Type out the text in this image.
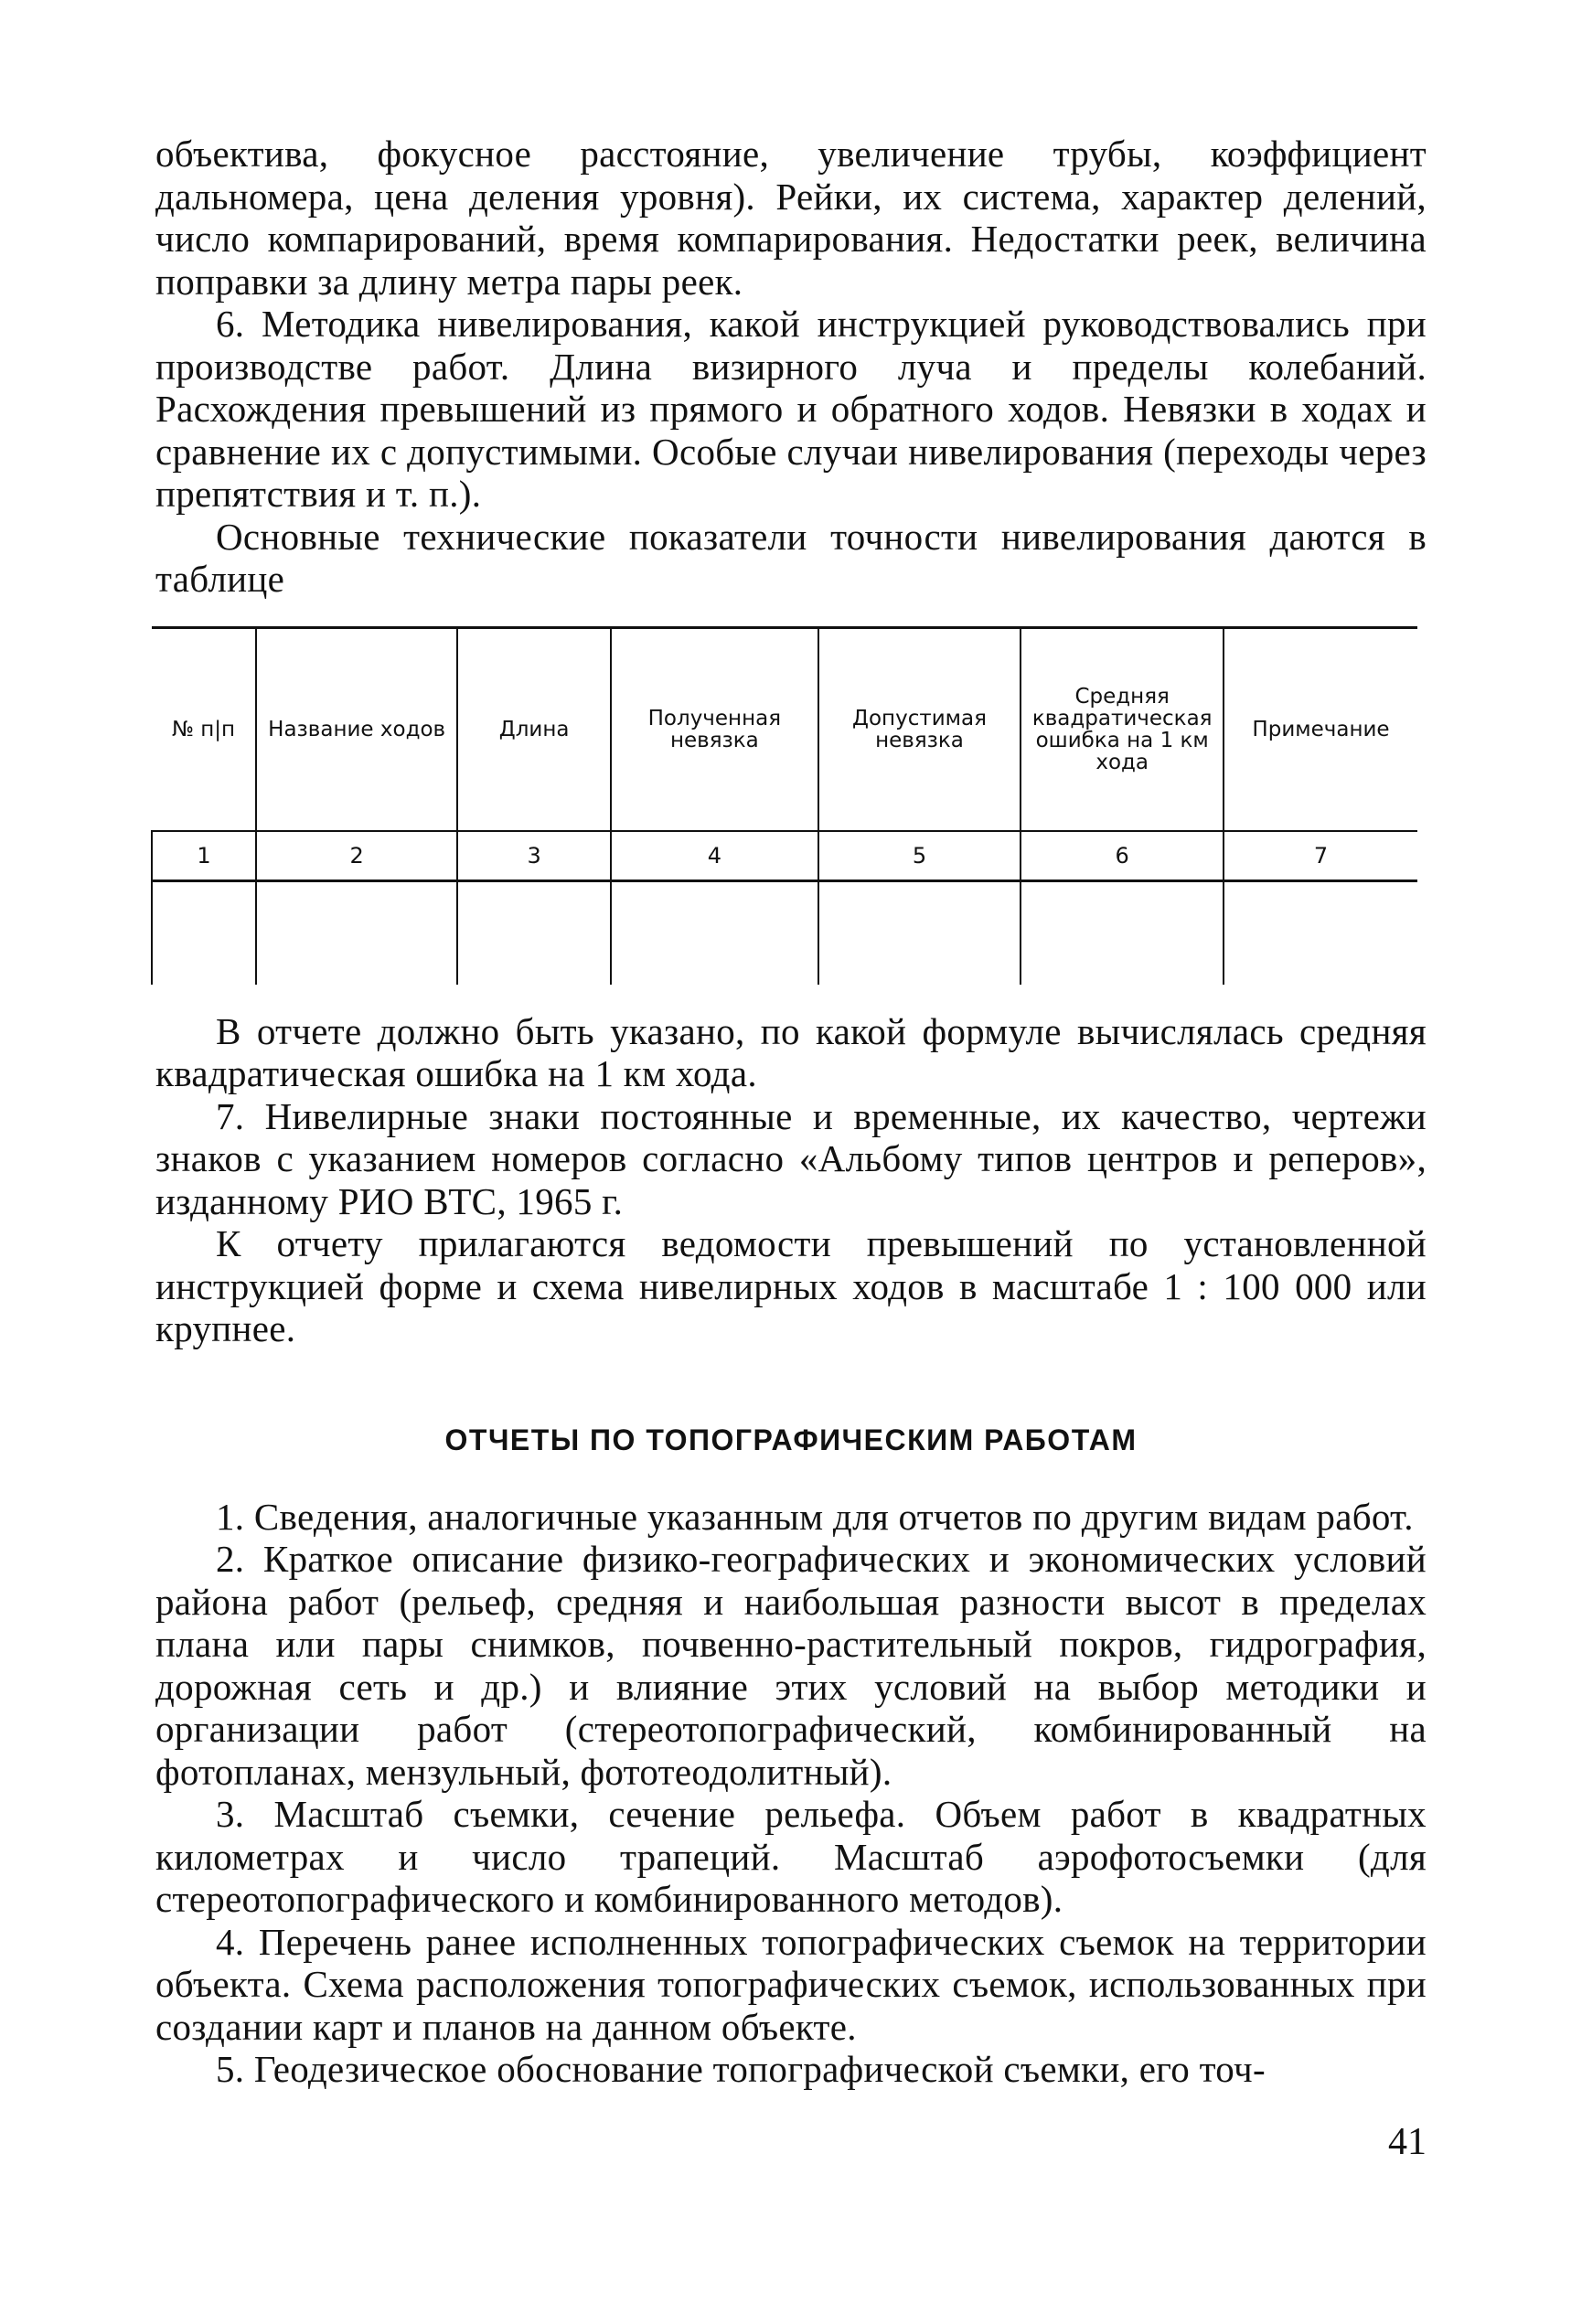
объектива, фокусное расстояние, увеличение трубы, коэффициент дальномера, цена деления уровня). Рейки, их система, характер делений, число компарирований, время компарирования. Недостатки реек, величина поправки за длину метра пары реек.

6. Методика нивелирования, какой инструкцией руководствовались при производстве работ. Длина визирного луча и пределы колебаний. Расхождения превышений из прямого и обратного ходов. Невязки в ходах и сравнение их с допустимыми. Особые случаи нивелирования (переходы через препятствия и т. п.).

Основные технические показатели точности нивелирования даются в таблице

№ п|п	Название ходов	Длина	Полученная невязка	Допустимая невязка	Средняя квадратическая ошибка на 1 км хода	Примечание
1	2	3	4	5	6	7

В отчете должно быть указано, по какой формуле вычислялась средняя квадратическая ошибка на 1 км хода.

7. Нивелирные знаки постоянные и временные, их качество, чертежи знаков с указанием номеров согласно «Альбому типов центров и реперов», изданному РИО ВТС, 1965 г.

К отчету прилагаются ведомости превышений по установленной инструкцией форме и схема нивелирных ходов в масштабе 1 : 100 000 или крупнее.

ОТЧЕТЫ ПО ТОПОГРАФИЧЕСКИМ РАБОТАМ

1. Сведения, аналогичные указанным для отчетов по другим видам работ.

2. Краткое описание физико-географических и экономических условий района работ (рельеф, средняя и наибольшая разности высот в пределах плана или пары снимков, почвенно-растительный покров, гидрография, дорожная сеть и др.) и влияние этих условий на выбор методики и организации работ (стереотопографический, комбинированный на фотопланах, мензульный, фототеодолитный).

3. Масштаб съемки, сечение рельефа. Объем работ в квадратных километрах и число трапеций. Масштаб аэрофотосъемки (для стереотопографического и комбинированного методов).

4. Перечень ранее исполненных топографических съемок на территории объекта. Схема расположения топографических съемок, использованных при создании карт и планов на данном объекте.

5. Геодезическое обоснование топографической съемки, его точ-

41
